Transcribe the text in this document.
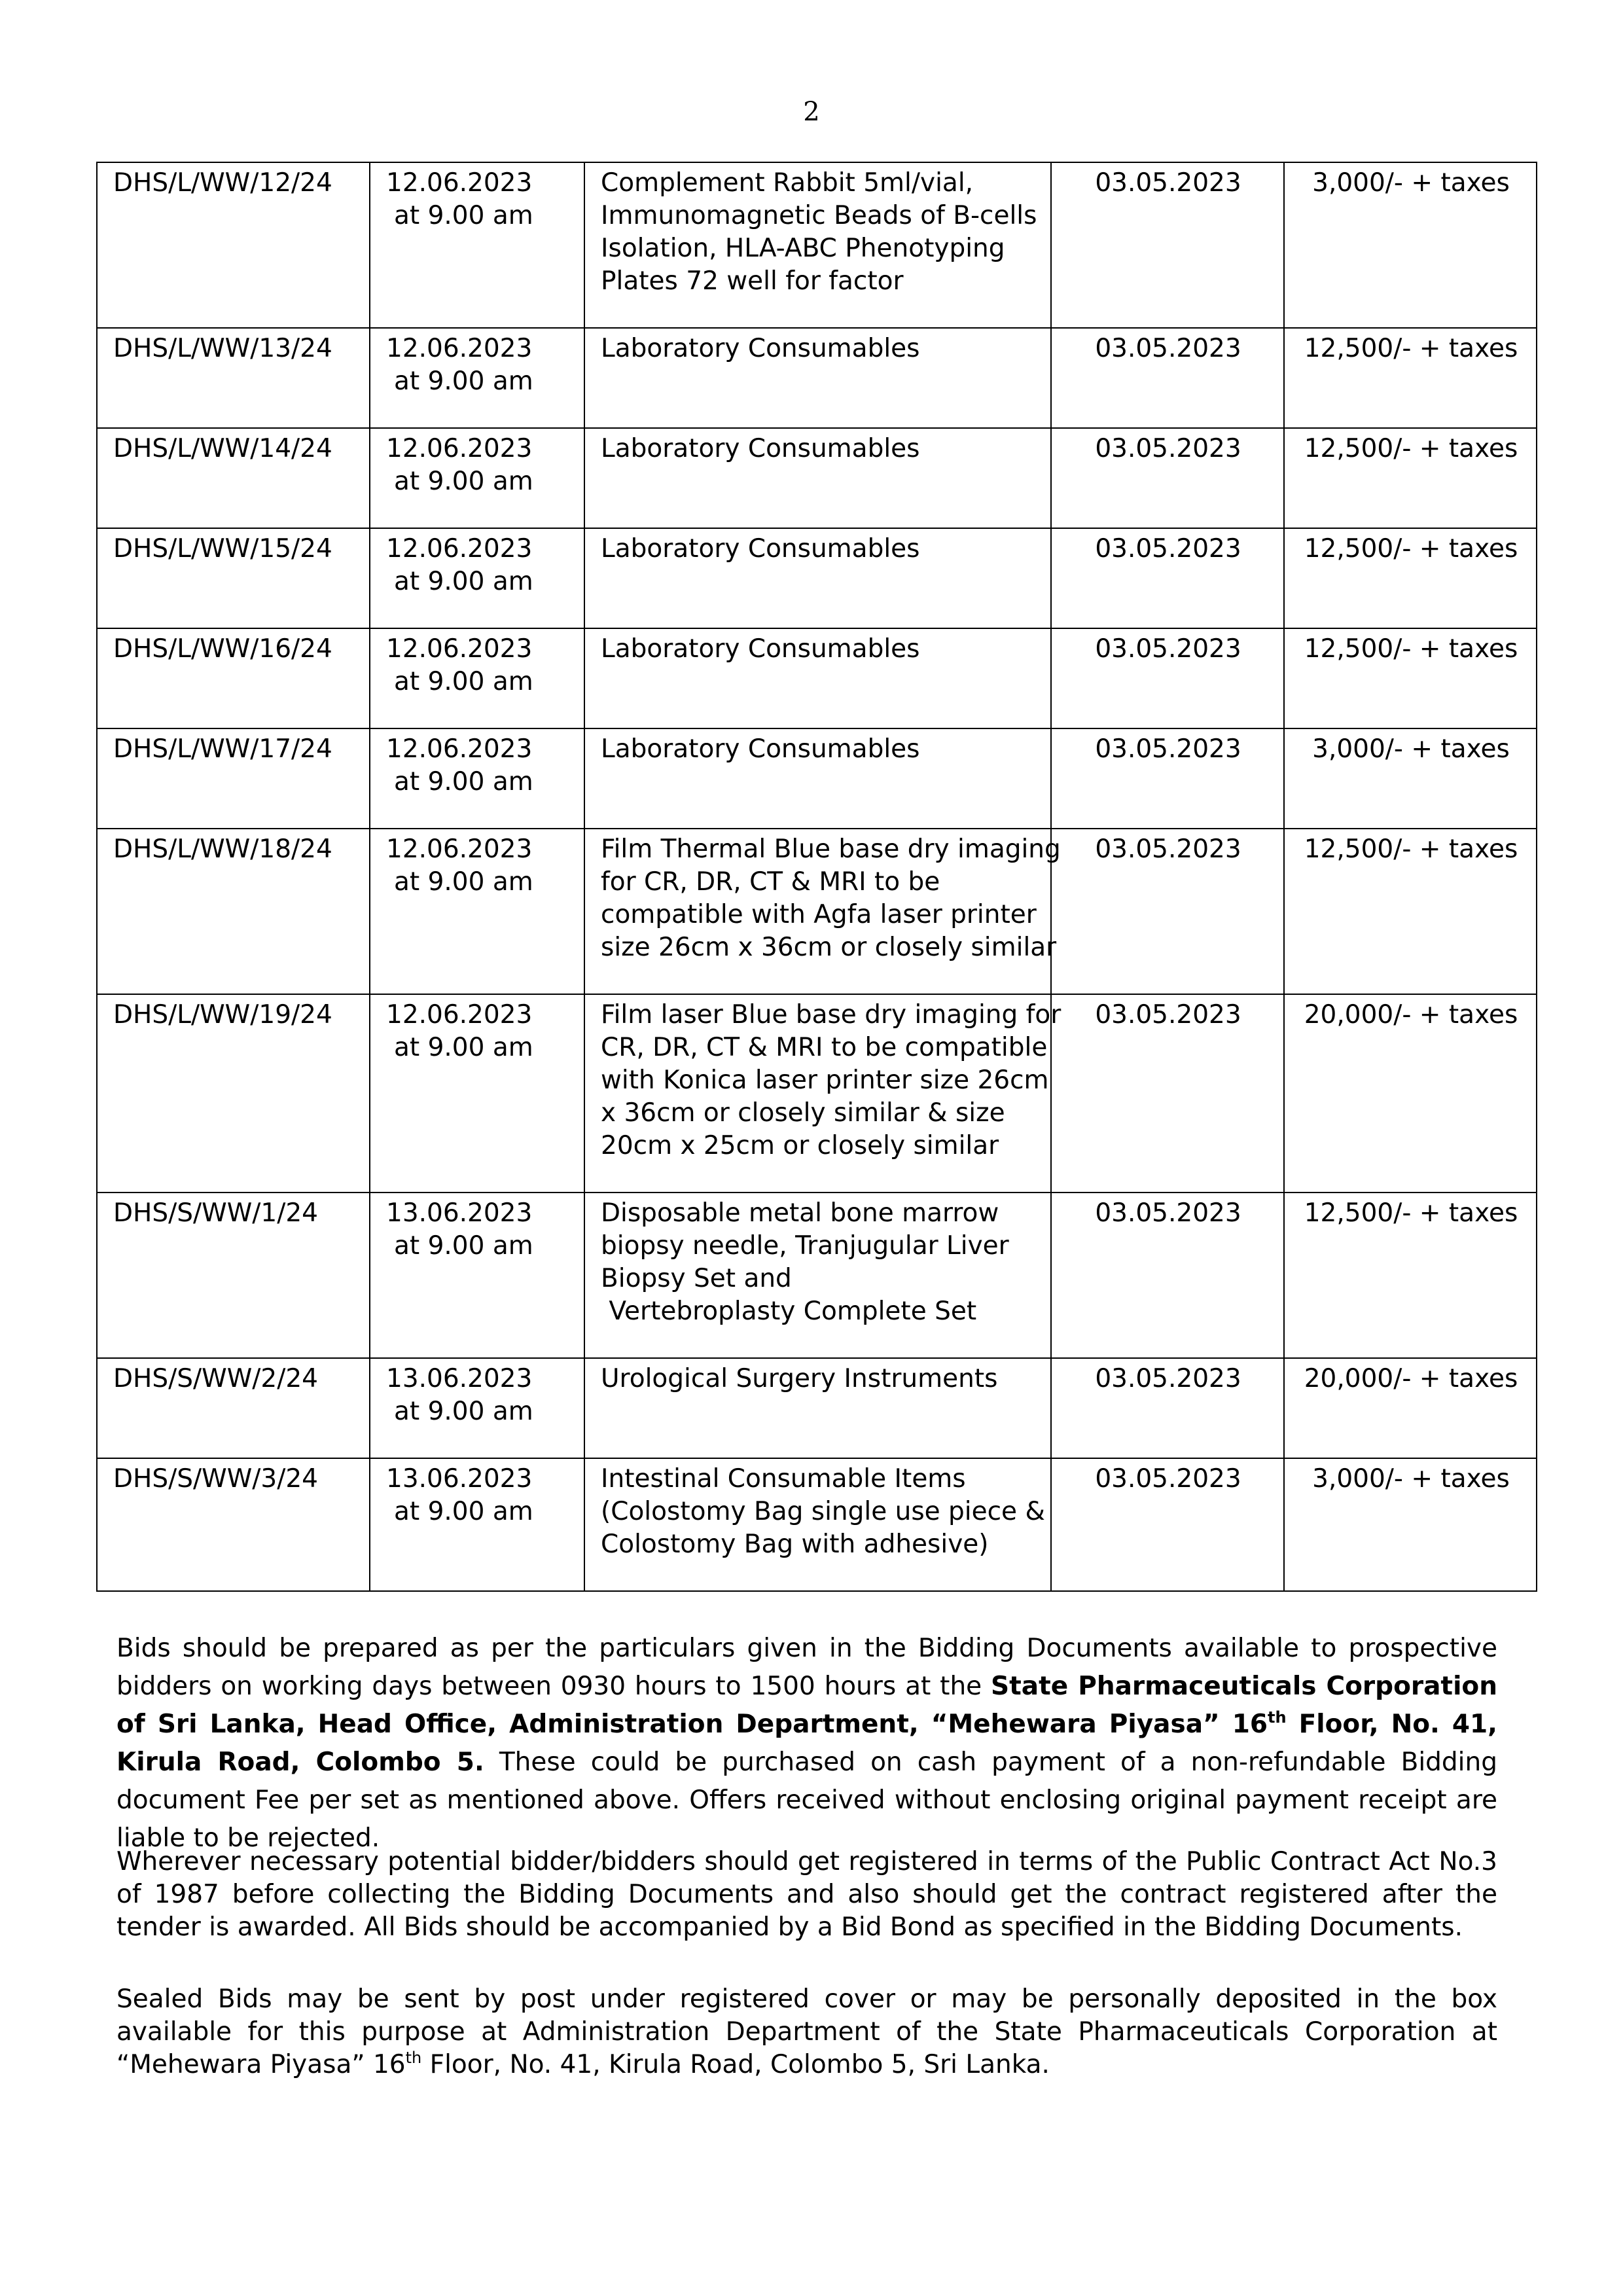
2
DHS/L/WW/12/24	12.06.2023
at 9.00 am	Complement Rabbit 5ml/vial,
Immunomagnetic Beads of B-cells
Isolation, HLA-ABC Phenotyping
Plates 72 well for factor	03.05.2023	3,000/- + taxes
DHS/L/WW/13/24	12.06.2023
at 9.00 am	Laboratory Consumables	03.05.2023	12,500/- + taxes
DHS/L/WW/14/24	12.06.2023
at 9.00 am	Laboratory Consumables	03.05.2023	12,500/- + taxes
DHS/L/WW/15/24	12.06.2023
at 9.00 am	Laboratory Consumables	03.05.2023	12,500/- + taxes
DHS/L/WW/16/24	12.06.2023
at 9.00 am	Laboratory Consumables	03.05.2023	12,500/- + taxes
DHS/L/WW/17/24	12.06.2023
at 9.00 am	Laboratory Consumables	03.05.2023	3,000/- + taxes
DHS/L/WW/18/24	12.06.2023
at 9.00 am	Film Thermal Blue base dry imaging
for CR, DR, CT & MRI to be
compatible with Agfa laser printer
size 26cm x 36cm or closely similar	03.05.2023	12,500/- + taxes
DHS/L/WW/19/24	12.06.2023
at 9.00 am	Film laser Blue base dry imaging for
CR, DR, CT & MRI to be compatible
with Konica laser printer size 26cm
x 36cm or closely similar & size
20cm x 25cm or closely similar	03.05.2023	20,000/- + taxes
DHS/S/WW/1/24	13.06.2023
at 9.00 am	Disposable metal bone marrow
biopsy needle, Tranjugular Liver
Biopsy Set and
Vertebroplasty Complete Set	03.05.2023	12,500/- + taxes
DHS/S/WW/2/24	13.06.2023
at 9.00 am	Urological Surgery Instruments	03.05.2023	20,000/- + taxes
DHS/S/WW/3/24	13.06.2023
at 9.00 am	Intestinal Consumable Items
(Colostomy Bag single use piece &
Colostomy Bag with adhesive)	03.05.2023	3,000/- + taxes

Bids should be prepared as per the particulars given in the Bidding Documents available to prospective bidders on working days between 0930 hours to 1500 hours at the State Pharmaceuticals Corporation of Sri Lanka, Head Office, Administration Department, “Mehewara Piyasa” 16th Floor, No. 41, Kirula Road, Colombo 5. These could be purchased on cash payment of a non-refundable Bidding document Fee per set as mentioned above. Offers received without enclosing original payment receipt are liable to be rejected.

Wherever necessary potential bidder/bidders should get registered in terms of the Public Contract Act No.3 of 1987 before collecting the Bidding Documents and also should get the contract registered after the tender is awarded. All Bids should be accompanied by a Bid Bond as specified in the Bidding Documents.

Sealed Bids may be sent by post under registered cover or may be personally deposited in the box available for this purpose at Administration Department of the State Pharmaceuticals Corporation at “Mehewara Piyasa” 16th Floor, No. 41, Kirula Road, Colombo 5, Sri Lanka.
